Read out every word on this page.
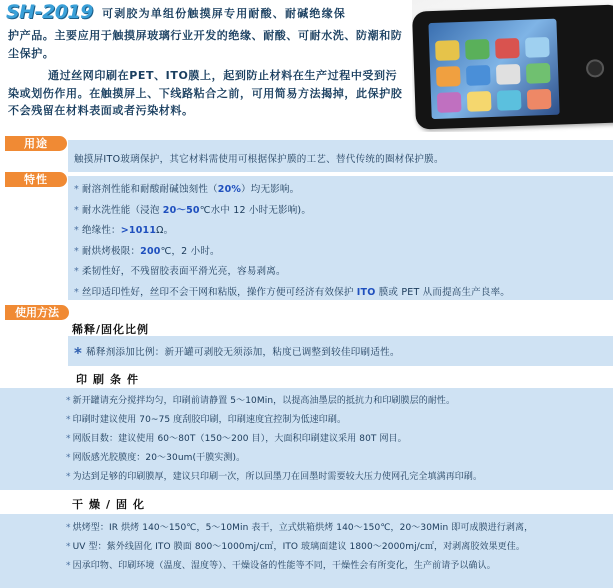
SH-2019 可剥胶为单组份触摸屏专用耐酸、耐碱绝缘保
护产品。主要应用于触摸屏玻璃行业开发的绝缘、耐酸、可耐水洗、防潮和防尘保护。
通过丝网印刷在PET、ITO膜上，起到防止材料在生产过程中受到污染或划伤作用。在触摸屏上、下线路粘合之前，可用简易方法揭掉，此保护胶不会残留在材料表面或者污染材料。
用途
触摸屏ITO玻璃保护，其它材料需使用可根据保护膜的工艺、替代传统的圈材保护膜。
特性
* 耐溶剂性能和耐酸耐碱蚀刻性（20%）均无影响。
* 耐水洗性能（浸泡 20～50℃水中 12 小时无影响)。
* 绝缘性：>1011Ω。
* 耐烘烤极限：200℃，2 小时。
* 柔韧性好，不残留胶表面平滑光亮，容易剥离。
* 丝印适印性好，丝印不会干网和粘版，操作方便可经济有效保护 ITO 膜或 PET 从而提高生产良率。
使用方法
稀释/固化比例
* 稀释剂添加比例：新开罐可剥胶无须添加，粘度已调整到较佳印刷适性。
印刷条件
* 新开罐请充分搅拌均匀，印刷前请静置 5～10Min，以提高油墨层的抵抗力和印刷膜层的耐性。
* 印刷时建议使用 70~75 度刮胶印刷，印刷速度宜控制为低速印刷。
* 网版目数：建议使用 60～80T（150～200 目），大面积印刷建议采用 80T 网目。
* 网版感光胶膜度：20～30um(干膜实测)。
* 为达到足够的印刷膜厚，建议只印刷一次，所以回墨刀在回墨时需要较大压力使网孔完全填满再印刷。
干燥/固化
* 烘烤型：IR 烘烤 140～150℃，5～10Min 表干，立式烘箱烘烤 140～150℃，20～30Min 即可成膜进行剥离，
* UV 型：紫外线固化 ITO 膜面 800～1000mj/c㎡，ITO 玻璃面建议 1800～2000mj/c㎡，对剥离胶效果更佳。
* 因承印物、印刷环境（温度、湿度等）、干燥设备的性能等不同，干燥性会有所变化，生产前请予以确认。
